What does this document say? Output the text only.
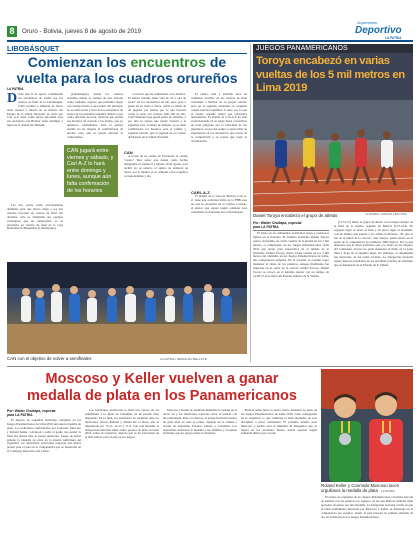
8	Oruro - Bolivia, jueves 8 de agosto de 2019
Suplemento
Deportivo
LA PATRIA
LIBOBÁSQUET
Comienzan los encuentros de
vuelta para los cuadros orureños
LA PATRIA

Desde este 8 de agosto comenzarán los encuentros de vuelta por los cuartos de final de la Libobásquet, CAN recibirá a Amistad de Sucre entre viernes y sábado en su reducto del Parque de la Unión Nacional, en tanto que Carl A-Z tiene como férrea prioridad para ese encuentro con Bolivar entre domingo y lunes en la ciudad del Illimani.

CAN jugará entre viernes y sábado, y Carl A-Z lo hará entre domingo y lunes, aunque aún falta confirmación de los horarios

Las dos series están prácticamente definidas para que Oruro tenga a los dos cuadros favoritos en cuartos de final. No obstante, sólo se cumplirán dos equipos extranjeros que en campeonato ya se encuentra en cuartos de final de la Liga Boliviana de Básquetbol (Libobásquet).

(Libobásquet), donde los cuadros orureños tienen la ventaja de una victoria como visitante, aspecto que permitirá llegar con ventaja frente a sus rivales. En principio no se tenía fecha y hora de los encuentros de vuelta en los planteles orureños debido a que como oficiales de local, tuvieron que ajustar sus horarios de acuerdo a las fechas, que ya quedaron confirmadas. Para el primer partido no ha llegado la confirmación de horario para que se pueda efectuar el compromiso.

CAN

A través de su cuenta de Facebook, el cuadro "cuatro" hizo saber que tienen como fechas designadas el viernes 9 y sábado 10 de agosto, para recibir en su reducto al elenco de Amistad de Sucre, por lo mismo ya se cumplió con la logística correspondiente y dio

a conocer que ha confirmado a los árbitros. El elenco orureño tiene "una de cal y otra de arena" en los encuentros de ida, pues pese a ganar en su visita a Sucre, sufrió la salida de un jugador por lesión, por lo que buscará cerrar la serie con ventaja. Más allá de ello, CAN demostró que puede ganar de visitante, y por ello se espera que pueda avanzar a la siguiente fase. A mitad de semana, ya se tiene confirmados los horarios para el primer y segundo partido, que se jugarán en el Coliseo del Parque de la Unión Nacional.

El elenco azul y amarillo tuvo un comienzo positivo en los cuartos de final venciendo a Bolivar en su propia cancha, pero en el segundo encuentro el conjunto celeste buscará equilibrar la serie, por lo que el cuadro orureño tendrá que esforzarse nuevamente. El plantel de Carl A-Z ha sido evolucionando en su juego hasta convertirse en rival peligroso por la velocidad de sus jugadores, en pos del equipo y aprovechar su experiencia en los encuentros que restan de la competición y se espera que logre la clasificación.

CARL A-Z

El plantel de la zona de Bolivar, Carl A-Z, tiene una actividad fecha de la FBB para las que se encuentra en el Coliseo Cerrado, el elenco que espera seguir adelante para consolidar su actuación en la Libobásquet.

CAN con el objetivo de volver a semifinales	LA PATRIA / REINALDO BELLOTE
JUEGOS PANAMERICANOS
Toroya encabezó en varias vueltas de los 5 mil metros en Lima 2019
Daniel Toroya encabezó el grupo de atletas	LA PATRIA / JUEGOS LIMA 2019
Por: Walter Chullapa, especial
para LA PATRIA

El atleta en los debutantes bolivianos golea a poderosos figuras en el Peruano. El fondista boliviano Daniel Toroya estuvo encendido, en varias vueltas de la prueba de los 5 mil metros, el campeonato de los Juegos Panamericanos Lima 2019 que atrajo gran expectativa en el mundo de la atletismo. Daniel Toroya, lideró varias vueltas en los 5 mil metros del atletismo en los Juegos Panamericanos de Lima, una competencia exigente. En la ocasión, el orureño logró mantener el ritmo de los punteros, aunque finalmente fue superado en el cierre de la carrera. Daniel Toroya. Daniel Toroya se colocó en el séptimo puesto con un tiempo de 14:06.72 en la meta del Estadio Atlético de la Videna.

(13:51.15) lideró el grupo de atletas con el mejor tiempo en la final de la prueba, seguido de Bolivia (13:51.44). En segundo lugar se ubicó el Perú y en tercer lugar el brasileño, con un tiempo que superó a los atletas bolivianos. "Es que se fue de la mitad de la carrera", dijo Toroya, quien estuvo en la punta de la competencia los primeros 3000 metros. Por lo que demostró que el atleta boliviano está a la altura de los mejores del continente. Toroya no pudo mantener el ritmo en la parte final y llegó en el séptimo lugar, sin embargo, el desempeño fue destacado en las redes sociales. La delegación nacional espera mejores resultados en las próximas pruebas de atletismo que se disputarán en el Estadio de la Videna.

Moscoso y Keller vuelven a ganar
medalla de plata en los Panamericanos
Por: Walter Chullapa, especial
para LA PATRIA

El deporte de raquetbol boliviano conquistó en los Juegos Panamericanos de Lima 2019 una nueva medalla de plata. Los bolivianos conformados por Conrrado Moscoso y Roland Keller, volvieron a subir al podio tras perder la final del dobles ante la pareja mexicana. Luego de haber ganado la medalla de plata en la prueba individual del raquetbol, los deportistas bolivianos lograron una nueva presea para el país en la competencia que se desarrolla en el Complejo Deportivo del Callao.

Los bolivianos alcanzaron la final tras vencer en las semifinales a la dupla de Colombia, en un partido muy disputado. En la final, los bolivianos no pudieron ante los mexicanos Álvaro Beltrán y Daniel De la Rosa, que se impusieron por 15-11, 14-15 y 11-9. Con esta medalla, la delegación boliviana suma cuatro preseas de plata en Lima 2019, todas en raquetbol, deporte que se ha convertido en el más exitoso para el país en los Juegos.

Moscoso y Keller no pudieron mantener la ventaja en el tercer set y los mexicanos lograron cerrar el partido con una remontada. Pese a la derrota, la pareja boliviana mostró un gran nivel en todo el torneo, dejando en el camino a rivales de Argentina, Estados Unidos y Colombia. Los deportistas dedicaron la medalla a sus familias y al pueblo boliviano que los apoyó desde la distancia.

Bolivia suma hasta la fecha cuatro medallas de plata en los Juegos Panamericanos de Lima 2019, todas conseguidas en el raquetbol, lo que confirma el buen momento de esta disciplina a nivel continental. El próximo desafío para Moscoso y Keller será el Mundial de Raquetbol que se jugará en los próximos meses, donde esperan seguir sumando títulos para el país.

Roland Keller y Conrrado Moscoso lucen orgullosos la medalla de plata LA PATRIA

El torneo de raquetbol de los Juegos Panamericanos concluirá este fin de semana con las pruebas por equipos, en las que Bolivia también tiene opciones de pelear por una medalla. La delegación nacional confía en que el buen rendimiento mostrado por Moscoso y Keller se mantenga en la competencia por equipos, donde el país buscará su primera medalla de oro en la historia de los Juegos Panamericanos.
